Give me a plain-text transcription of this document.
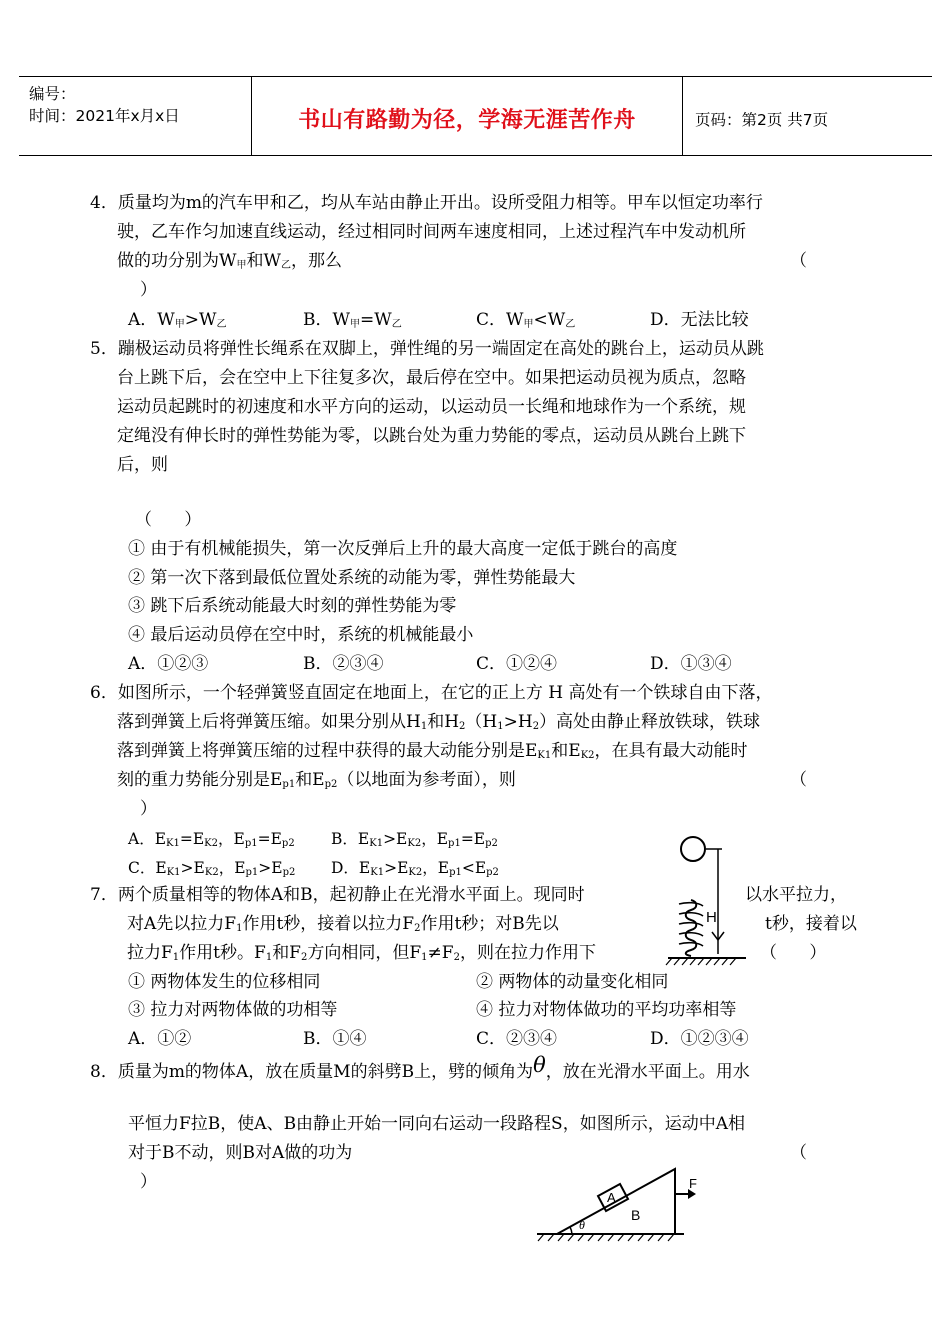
编号：
时间：2021年x月x日	书山有路勤为径，学海无涯苦作舟	页码：第2页 共7页
4．质量均为m的汽车甲和乙，均从车站由静止开出。设所受阻力相等。甲车以恒定功率行
驶，乙车作匀加速直线运动，经过相同时间两车速度相同，上述过程汽车中发动机所
做的功分别为$W_甲$和$W_乙$，那么	（
）
A．$W_甲>W_乙$	B．$W_甲=W_乙$	C．$W_甲<W_乙$	D．无法比较
5．蹦极运动员将弹性长绳系在双脚上，弹性绳的另一端固定在高处的跳台上，运动员从跳
台上跳下后，会在空中上下往复多次，最后停在空中。如果把运动员视为质点，忽略
运动员起跳时的初速度和水平方向的运动，以运动员一长绳和地球作为一个系统，规
定绳没有伸长时的弹性势能为零，以跳台处为重力势能的零点，运动员从跳台上跳下
后，则
（      ）
① 由于有机械能损失，第一次反弹后上升的最大高度一定低于跳台的高度
② 第一次下落到最低位置处系统的动能为零，弹性势能最大
③ 跳下后系统动能最大时刻的弹性势能为零
④ 最后运动员停在空中时，系统的机械能最小
A．①②③	B．②③④	C．①②④	D．①③④
6．如图所示，一个轻弹簧竖直固定在地面上，在它的正上方 H 高处有一个铁球自由下落，
落到弹簧上后将弹簧压缩。如果分别从$H_1$和$H_2(H_1>H_2)$高处由静止释放铁球，铁球
落到弹簧上将弹簧压缩的过程中获得的最大动能分别是$E_{K1}$和$E_{K2}$，在具有最大动能时
刻的重力势能分别是$E_{p1}$和$E_{p2}$（以地面为参考面），则	（
）
A．$E_{K1}=E_{K2}$，$E_{p1}=E_{p2}$ B．$E_{K1}>E_{K2}$，$E_{p1}=E_{p2}$
C．$E_{K1}>E_{K2}$，$E_{p1}>E_{p2}$ D．$E_{K1}>E_{K2}$，$E_{p1}<E_{p2}$
7．两个质量相等的物体A和B，起初静止在光滑水平面上。现同时	以水平拉力，
对A先以拉力$F_1$作用t秒，接着以拉力$F_2$作用t秒；对B先以	t秒，接着以
拉力$F_1$作用t秒。$F_1$和$F_2$方向相同，但$F_1\ne F_2$，则在拉力作用下	（      ）
① 两物体发生的位移相同	② 两物体的动量变化相同
③ 拉力对两物体做的功相等	④ 拉力对物体做功的平均功率相等
A．①②	B．①④	C．②③④	D．①②③④
8．质量为m的物体A，放在质量M的斜劈B上，劈的倾角为θ，放在光滑水平面上。用水
平恒力F拉B，使A、B由静止开始一同向右运动一段路程S，如图所示，运动中A相
对于B不动，则B对A做的功为	（
）
H
A
B
F
θ
